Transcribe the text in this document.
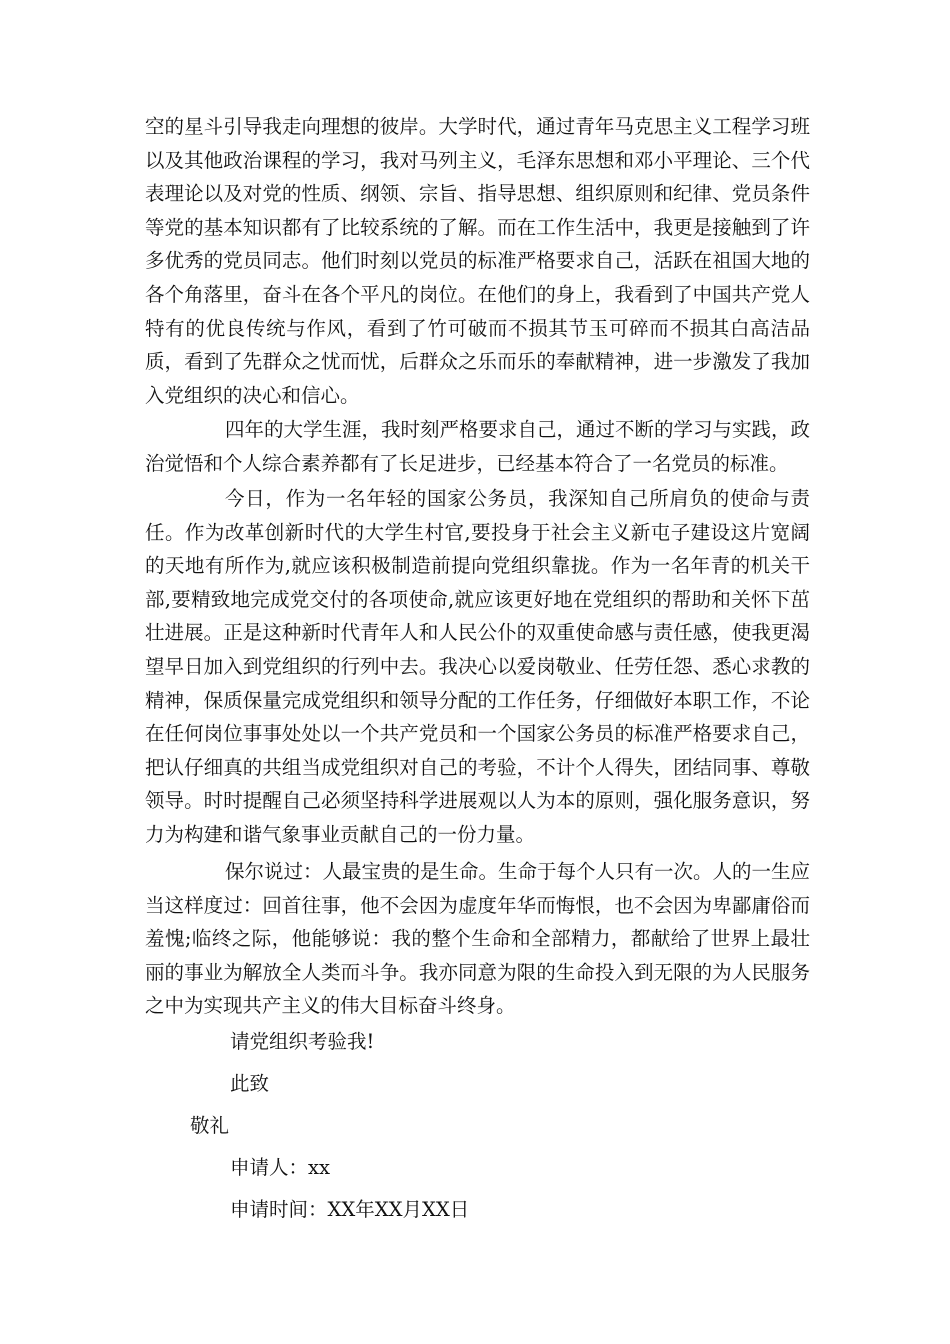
空的星斗引导我走向理想的彼岸。大学时代，通过青年马克思主义工程学习班以及其他政治课程的学习，我对马列主义，毛泽东思想和邓小平理论、三个代表理论以及对党的性质、纲领、宗旨、指导思想、组织原则和纪律、党员条件等党的基本知识都有了比较系统的了解。而在工作生活中，我更是接触到了许多优秀的党员同志。他们时刻以党员的标准严格要求自己，活跃在祖国大地的各个角落里，奋斗在各个平凡的岗位。在他们的身上，我看到了中国共产党人特有的优良传统与作风，看到了竹可破而不损其节玉可碎而不损其白高洁品质，看到了先群众之忧而忧，后群众之乐而乐的奉献精神，进一步激发了我加入党组织的决心和信心。

四年的大学生涯，我时刻严格要求自己，通过不断的学习与实践，政治觉悟和个人综合素养都有了长足进步，已经基本符合了一名党员的标准。

今日，作为一名年轻的国家公务员，我深知自己所肩负的使命与责任。作为改革创新时代的大学生村官,要投身于社会主义新屯子建设这片宽阔的天地有所作为,就应该积极制造前提向党组织靠拢。作为一名年青的机关干部,要精致地完成党交付的各项使命,就应该更好地在党组织的帮助和关怀下茁壮进展。正是这种新时代青年人和人民公仆的双重使命感与责任感，使我更渴望早日加入到党组织的行列中去。我决心以爱岗敬业、任劳任怨、悉心求教的精神，保质保量完成党组织和领导分配的工作任务，仔细做好本职工作，不论在任何岗位事事处处以一个共产党员和一个国家公务员的标准严格要求自己，把认仔细真的共组当成党组织对自己的考验，不计个人得失，团结同事、尊敬领导。时时提醒自己必须坚持科学进展观以人为本的原则，强化服务意识，努力为构建和谐气象事业贡献自己的一份力量。

保尔说过：人最宝贵的是生命。生命于每个人只有一次。人的一生应当这样度过：回首往事，他不会因为虚度年华而悔恨，也不会因为卑鄙庸俗而羞愧;临终之际，他能够说：我的整个生命和全部精力，都献给了世界上最壮丽的事业为解放全人类而斗争。我亦同意为限的生命投入到无限的为人民服务之中为实现共产主义的伟大目标奋斗终身。

请党组织考验我!

此致

敬礼

申请人：xx

申请时间：XX年XX月XX日
